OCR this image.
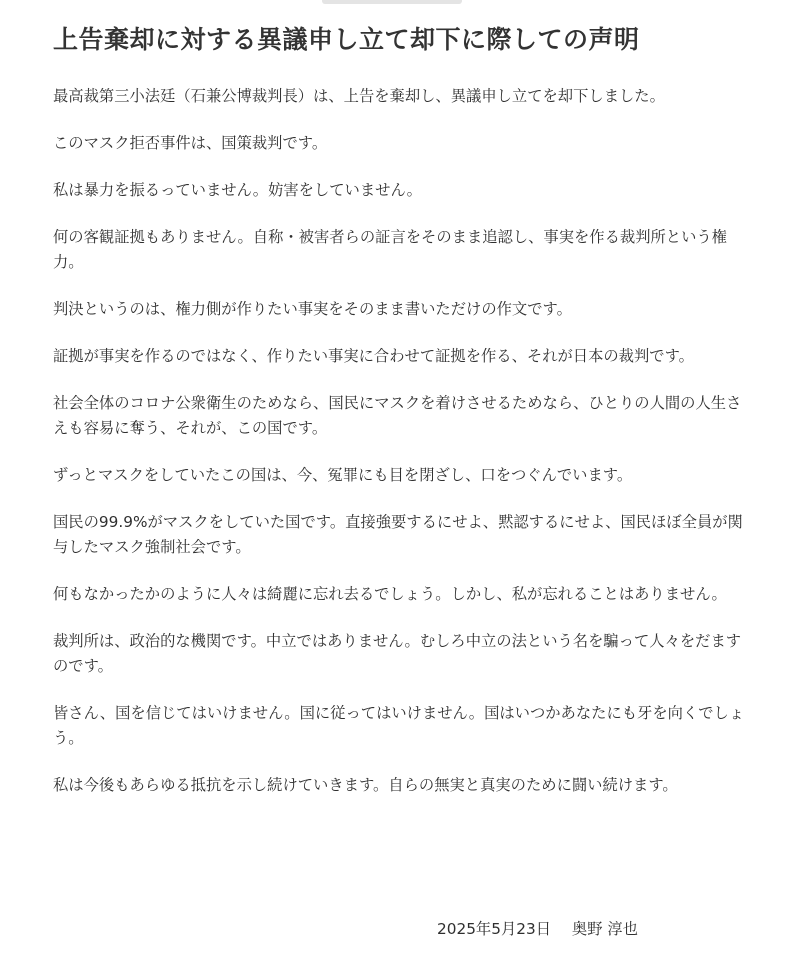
上告棄却に対する異議申し立て却下に際しての声明

最高裁第三小法廷（石兼公博裁判長）は、上告を棄却し、異議申し立てを却下しました。

このマスク拒否事件は、国策裁判です。

私は暴力を振るっていません。妨害をしていません。

何の客観証拠もありません。自称・被害者らの証言をそのまま追認し、事実を作る裁判所という権力。

判決というのは、権力側が作りたい事実をそのまま書いただけの作文です。

証拠が事実を作るのではなく、作りたい事実に合わせて証拠を作る、それが日本の裁判です。

社会全体のコロナ公衆衛生のためなら、国民にマスクを着けさせるためなら、ひとりの人間の人生さえも容易に奪う、それが、この国です。

ずっとマスクをしていたこの国は、今、冤罪にも目を閉ざし、口をつぐんでいます。

国民の99.9%がマスクをしていた国です。直接強要するにせよ、黙認するにせよ、国民ほぼ全員が関与したマスク強制社会です。

何もなかったかのように人々は綺麗に忘れ去るでしょう。しかし、私が忘れることはありません。

裁判所は、政治的な機関です。中立ではありません。むしろ中立の法という名を騙って人々をだますのです。

皆さん、国を信じてはいけません。国に従ってはいけません。国はいつかあなたにも牙を向くでしょう。

私は今後もあらゆる抵抗を示し続けていきます。自らの無実と真実のために闘い続けます。

2025年5月23日 奥野 淳也
